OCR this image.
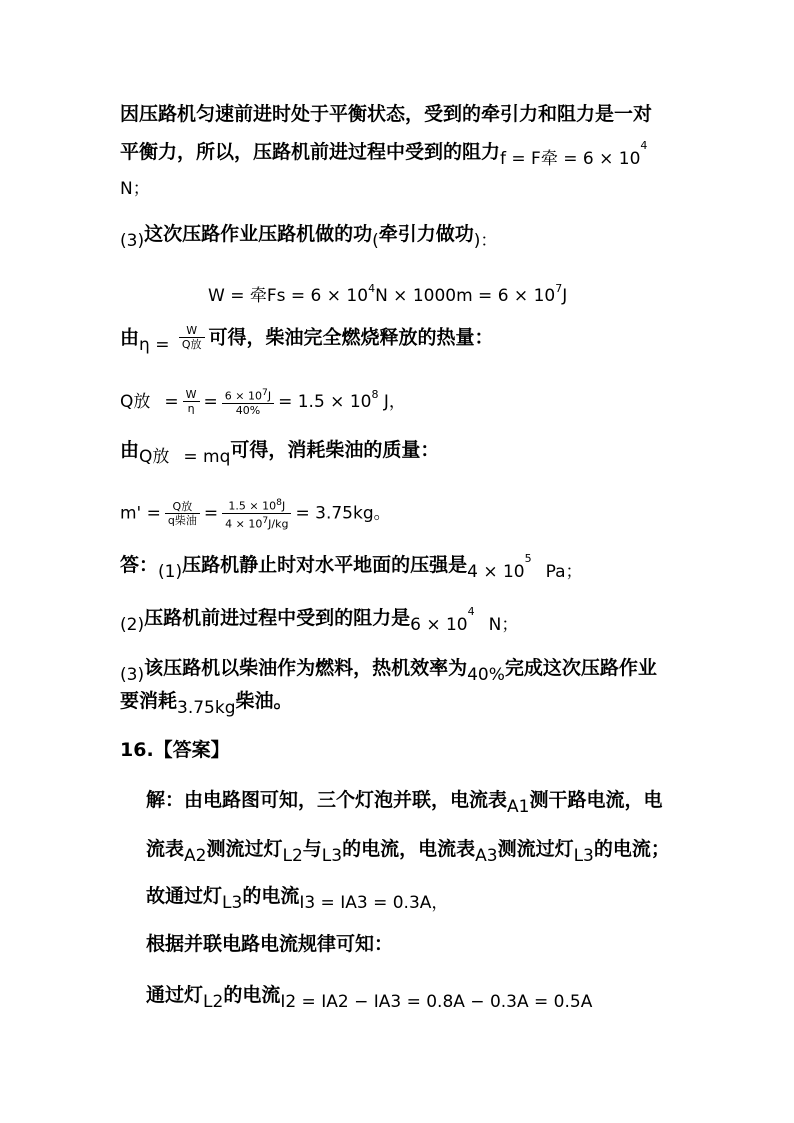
因压路机匀速前进时处于平衡状态，受到的牵引力和阻力是一对
平衡力，所以，压路机前进过程中受到的阻力f = F牵 = $6 \times 10^4$
N；
(3)这次压路作业压路机做的功(牵引力做功)：
W = 牵$Fs = 6 \times 10^4N \times 1000m = 6 \times 10^7J$
由$\eta = \frac{W}{\text{Q放}}$ 可得，柴油完全燃烧释放的热量：
Q放 = $\frac{W}{\eta} = \frac{6 \times 10^7J}{40\%} = 1.5 \times 10^8$ J，
由Q放 = mq可得，消耗柴油的质量：
$m' = \frac{\text{Q放}}{\text{q柴油}} = \frac{1.5 \times 10^8J}{4 \times 10^7J/kg} = 3.75kg$。
答：(1)压路机静止时对水平地面的压强是$4 \times 10^5Pa$；
(2)压路机前进过程中受到的阻力是$6 \times 10^4N$；
(3)该压路机以柴油作为燃料，热机效率为40%完成这次压路作业
要消耗3.75kg柴油。
16.【答案】
解：由电路图可知，三个灯泡并联，电流表A1测干路电流，电
流表A2测流过灯L2与L3的电流，电流表A3测流过灯L3的电流；
故通过灯L3的电流I3 = IA3 = 0.3A，
根据并联电路电流规律可知：
通过灯L2的电流I2 = IA2 − IA3 = 0.8A − 0.3A = 0.5A
